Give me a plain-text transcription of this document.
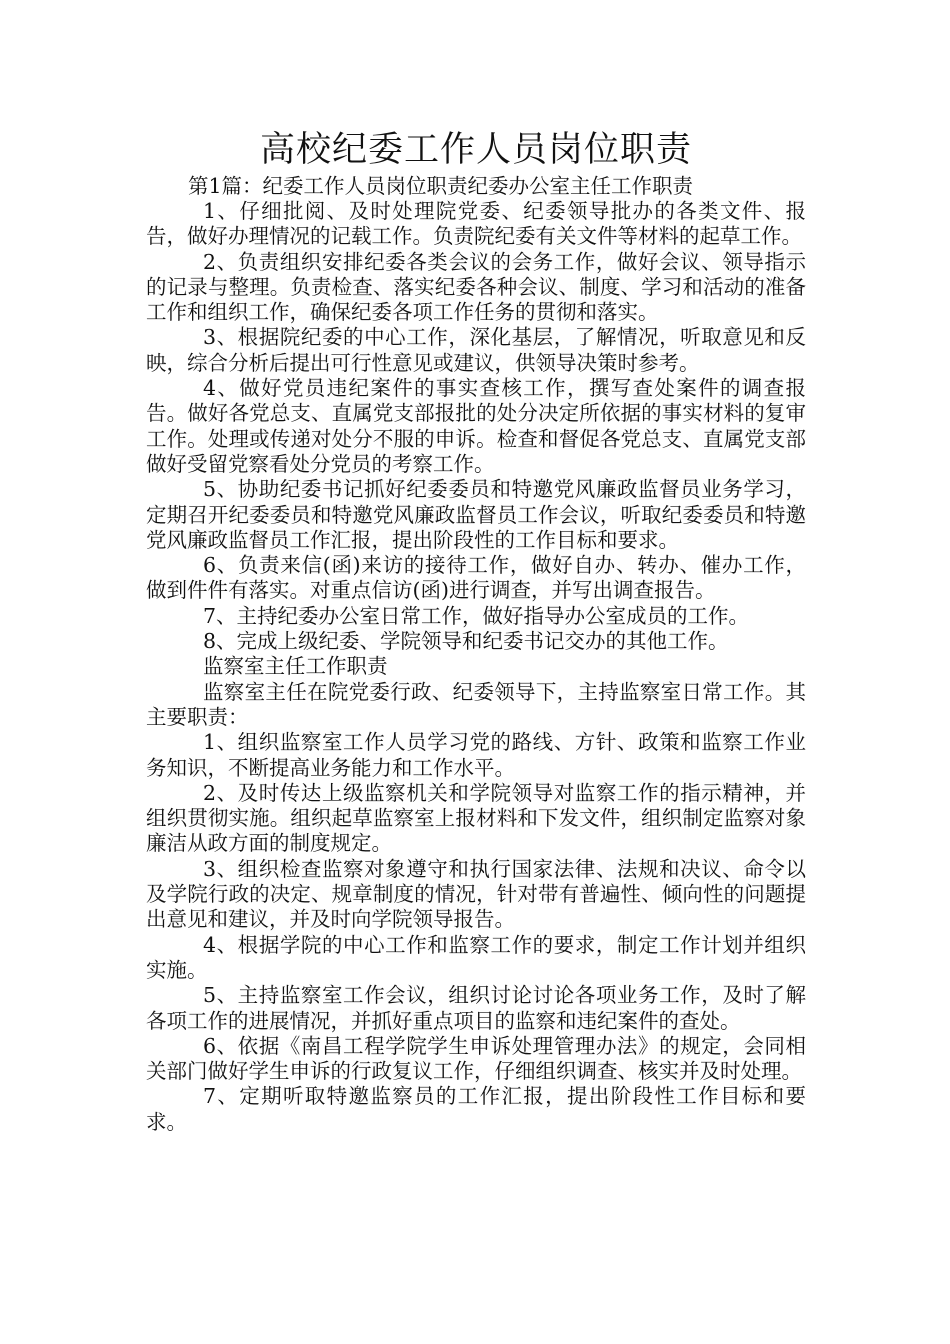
高校纪委工作人员岗位职责

第1篇：纪委工作人员岗位职责纪委办公室主任工作职责

1、仔细批阅、及时处理院党委、纪委领导批办的各类文件、报告，做好办理情况的记载工作。负责院纪委有关文件等材料的起草工作。

2、负责组织安排纪委各类会议的会务工作，做好会议、领导指示的记录与整理。负责检查、落实纪委各种会议、制度、学习和活动的准备工作和组织工作，确保纪委各项工作任务的贯彻和落实。

3、根据院纪委的中心工作，深化基层，了解情况，听取意见和反映，综合分析后提出可行性意见或建议，供领导决策时参考。

4、做好党员违纪案件的事实查核工作，撰写查处案件的调查报告。做好各党总支、直属党支部报批的处分决定所依据的事实材料的复审工作。处理或传递对处分不服的申诉。检查和督促各党总支、直属党支部做好受留党察看处分党员的考察工作。

5、协助纪委书记抓好纪委委员和特邀党风廉政监督员业务学习，定期召开纪委委员和特邀党风廉政监督员工作会议，听取纪委委员和特邀党风廉政监督员工作汇报，提出阶段性的工作目标和要求。

6、负责来信(函)来访的接待工作，做好自办、转办、催办工作，做到件件有落实。对重点信访(函)进行调查，并写出调查报告。

7、主持纪委办公室日常工作，做好指导办公室成员的工作。

8、完成上级纪委、学院领导和纪委书记交办的其他工作。

监察室主任工作职责

监察室主任在院党委行政、纪委领导下，主持监察室日常工作。其主要职责：

1、组织监察室工作人员学习党的路线、方针、政策和监察工作业务知识，不断提高业务能力和工作水平。

2、及时传达上级监察机关和学院领导对监察工作的指示精神，并组织贯彻实施。组织起草监察室上报材料和下发文件，组织制定监察对象廉洁从政方面的制度规定。

3、组织检查监察对象遵守和执行国家法律、法规和决议、命令以及学院行政的决定、规章制度的情况，针对带有普遍性、倾向性的问题提出意见和建议，并及时向学院领导报告。

4、根据学院的中心工作和监察工作的要求，制定工作计划并组织实施。

5、主持监察室工作会议，组织讨论讨论各项业务工作，及时了解各项工作的进展情况，并抓好重点项目的监察和违纪案件的查处。

6、依据《南昌工程学院学生申诉处理管理办法》的规定，会同相关部门做好学生申诉的行政复议工作，仔细组织调查、核实并及时处理。

7、定期听取特邀监察员的工作汇报，提出阶段性工作目标和要求。
